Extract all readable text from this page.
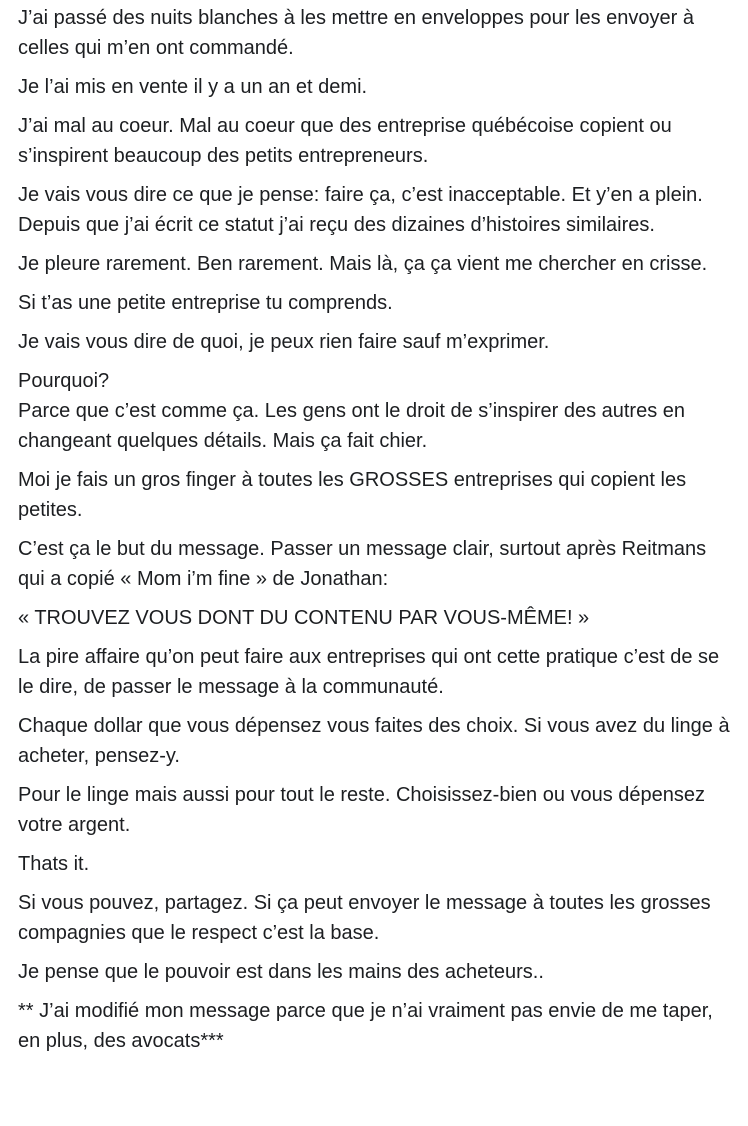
J’ai passé des nuits blanches à les mettre en enveloppes pour les envoyer à celles qui m’en ont commandé.

Je l’ai mis en vente il y a un an et demi.

J’ai mal au coeur. Mal au coeur que des entreprise québécoise copient ou s’inspirent beaucoup des petits entrepreneurs.

Je vais vous dire ce que je pense: faire ça, c’est inacceptable. Et y’en a plein. Depuis que j’ai écrit ce statut j’ai reçu des dizaines d’histoires similaires.

Je pleure rarement. Ben rarement. Mais là, ça ça vient me chercher en crisse.

Si t’as une petite entreprise tu comprends.

Je vais vous dire de quoi, je peux rien faire sauf m’exprimer.

Pourquoi?
Parce que c’est comme ça. Les gens ont le droit de s’inspirer des autres en changeant quelques détails. Mais ça fait chier.

Moi je fais un gros finger à toutes les GROSSES entreprises qui copient les petites.

C’est ça le but du message. Passer un message clair, surtout après Reitmans qui a copié « Mom i’m fine » de Jonathan:

« TROUVEZ VOUS DONT DU CONTENU PAR VOUS-MÊME! »

La pire affaire qu’on peut faire aux entreprises qui ont cette pratique c’est de se le dire, de passer le message à la communauté.

Chaque dollar que vous dépensez vous faites des choix. Si vous avez du linge à acheter, pensez-y.

Pour le linge mais aussi pour tout le reste. Choisissez-bien ou vous dépensez votre argent.

Thats it.

Si vous pouvez, partagez. Si ça peut envoyer le message à toutes les grosses compagnies que le respect c’est la base.

Je pense que le pouvoir est dans les mains des acheteurs..

** J’ai modifié mon message parce que je n’ai vraiment pas envie de me taper, en plus, des avocats***
